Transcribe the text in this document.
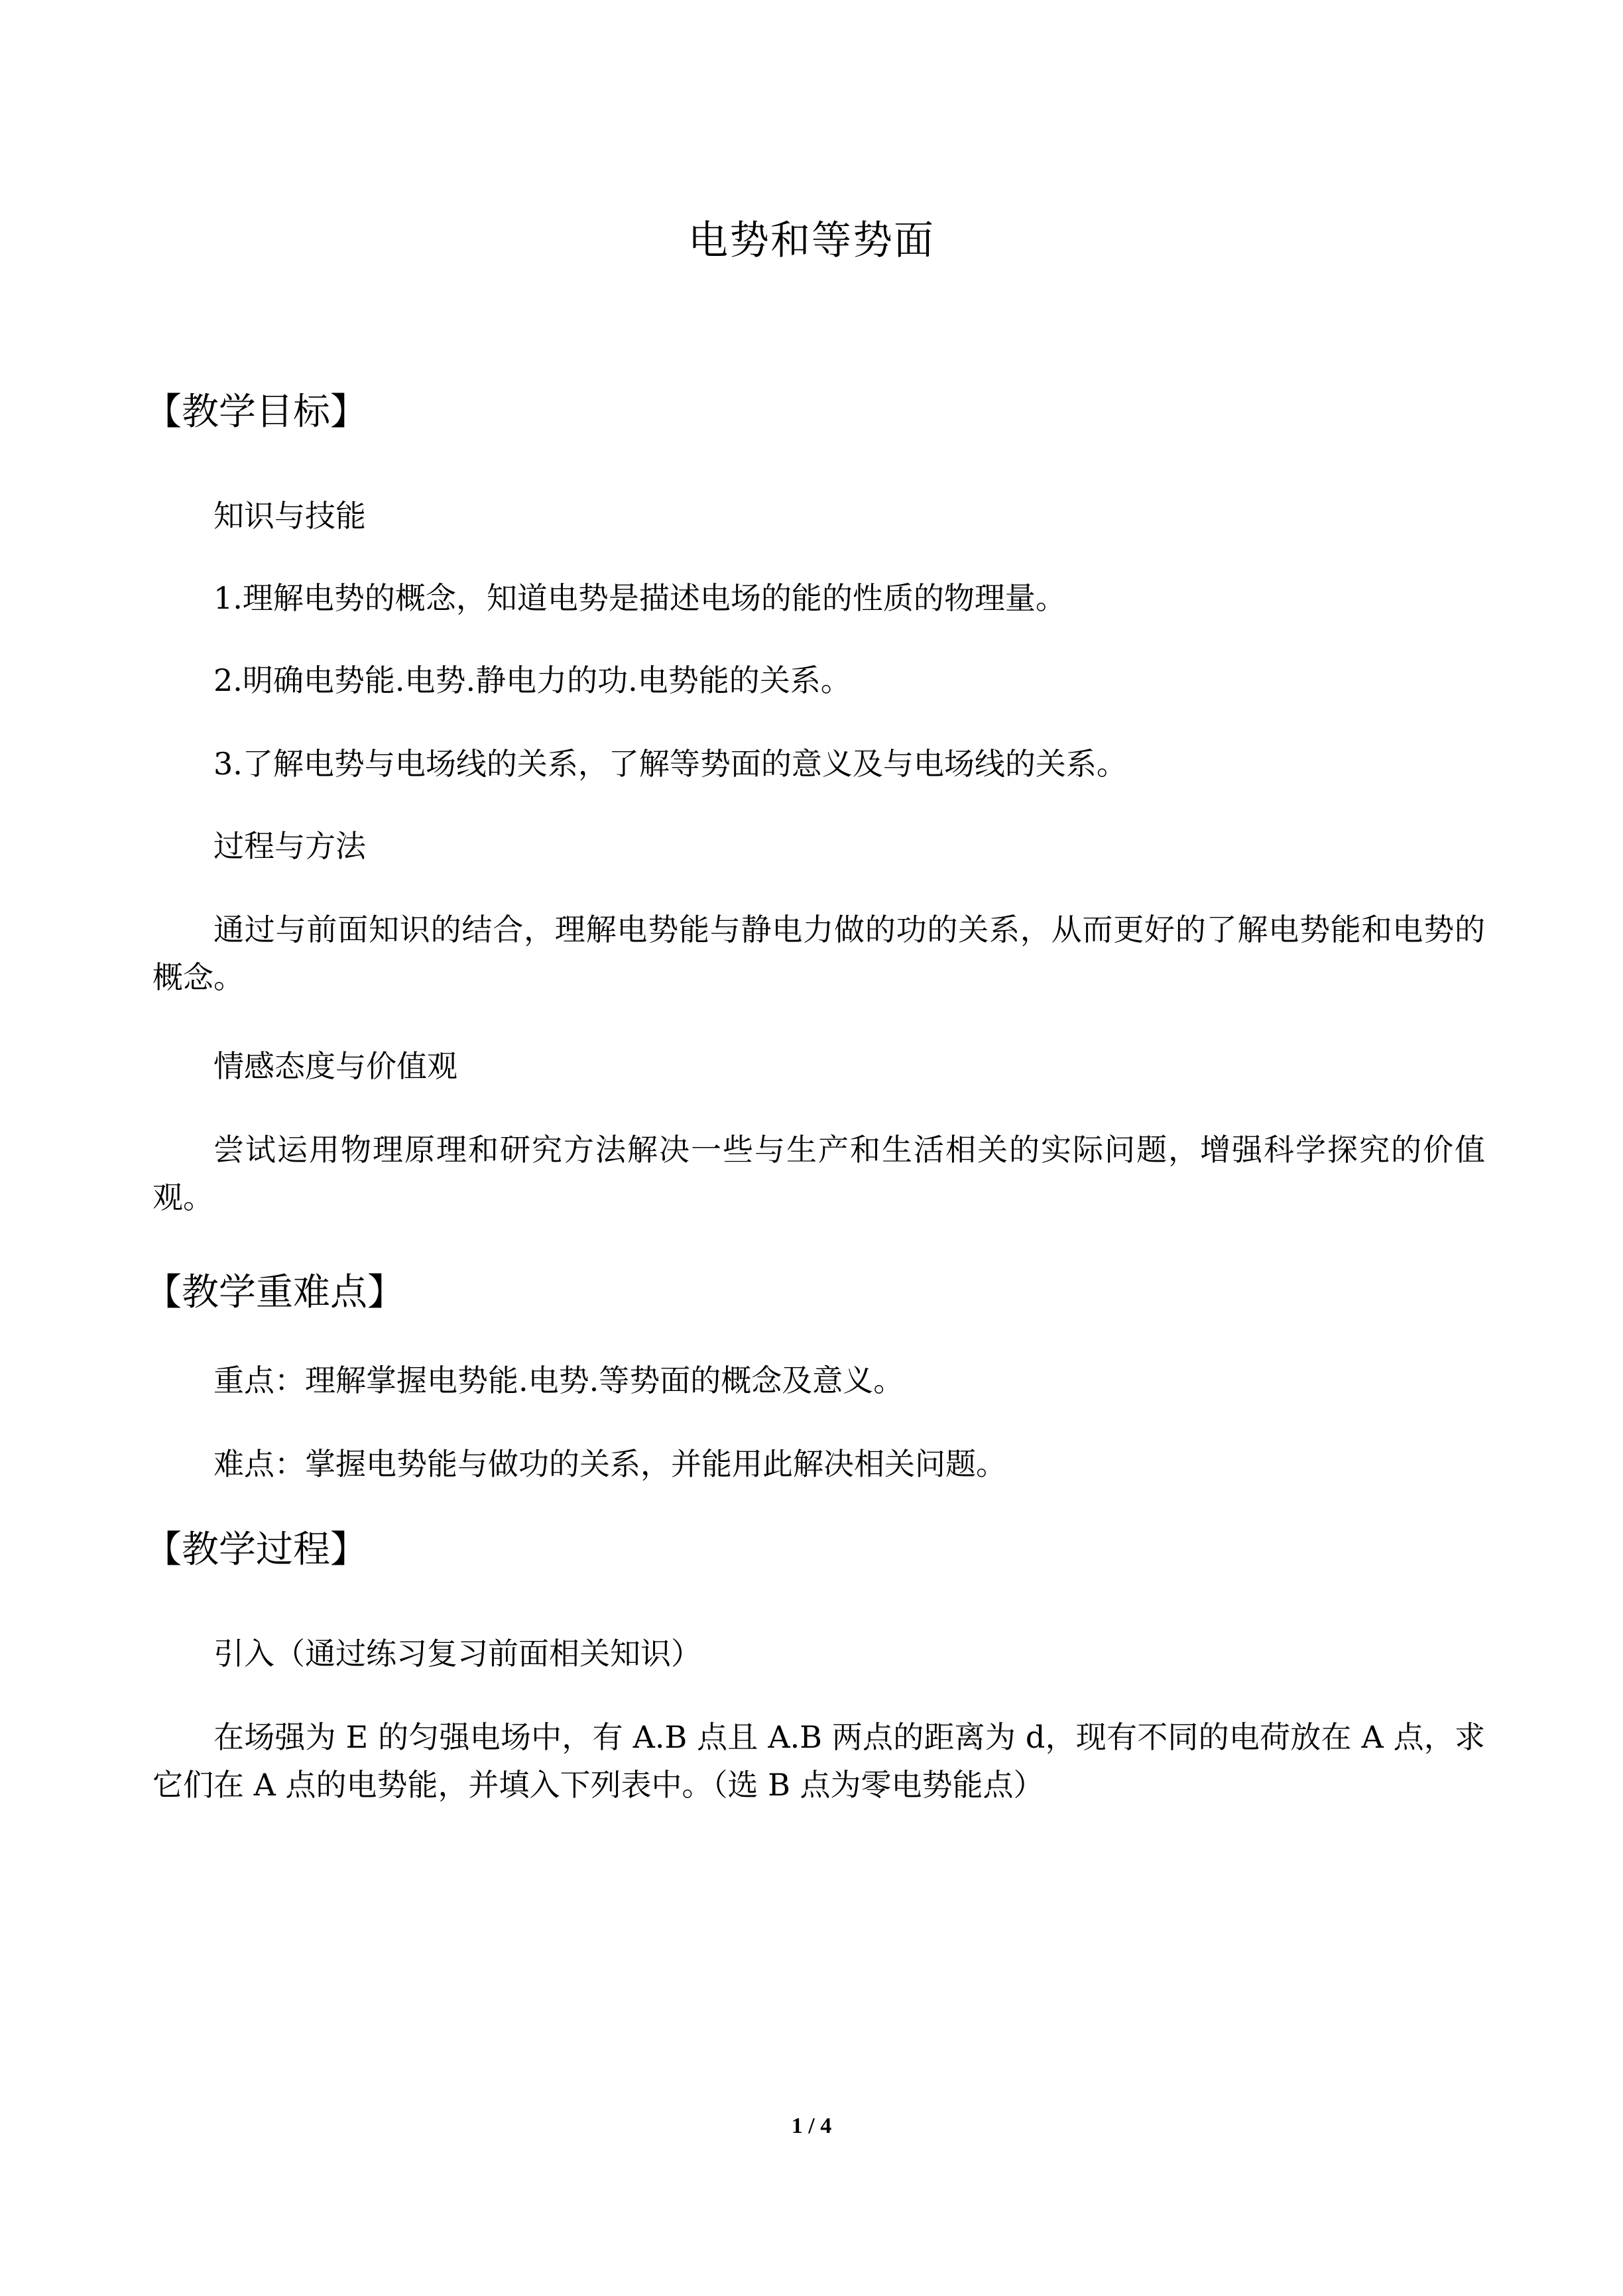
电势和等势面
【教学目标】

知识与技能

1.理解电势的概念，知道电势是描述电场的能的性质的物理量。

2.明确电势能.电势.静电力的功.电势能的关系。

3.了解电势与电场线的关系，了解等势面的意义及与电场线的关系。

过程与方法

通过与前面知识的结合，理解电势能与静电力做的功的关系，从而更好的了解电势能和电势的概念。

情感态度与价值观

尝试运用物理原理和研究方法解决一些与生产和生活相关的实际问题，增强科学探究的价值观。

【教学重难点】

重点：理解掌握电势能.电势.等势面的概念及意义。

难点：掌握电势能与做功的关系，并能用此解决相关问题。

【教学过程】

引入（通过练习复习前面相关知识）

在场强为 E 的匀强电场中，有 A.B 点且 A.B 两点的距离为 d，现有不同的电荷放在 A 点，求它们在 A 点的电势能，并填入下列表中。（选 B 点为零电势能点）

1 / 4
